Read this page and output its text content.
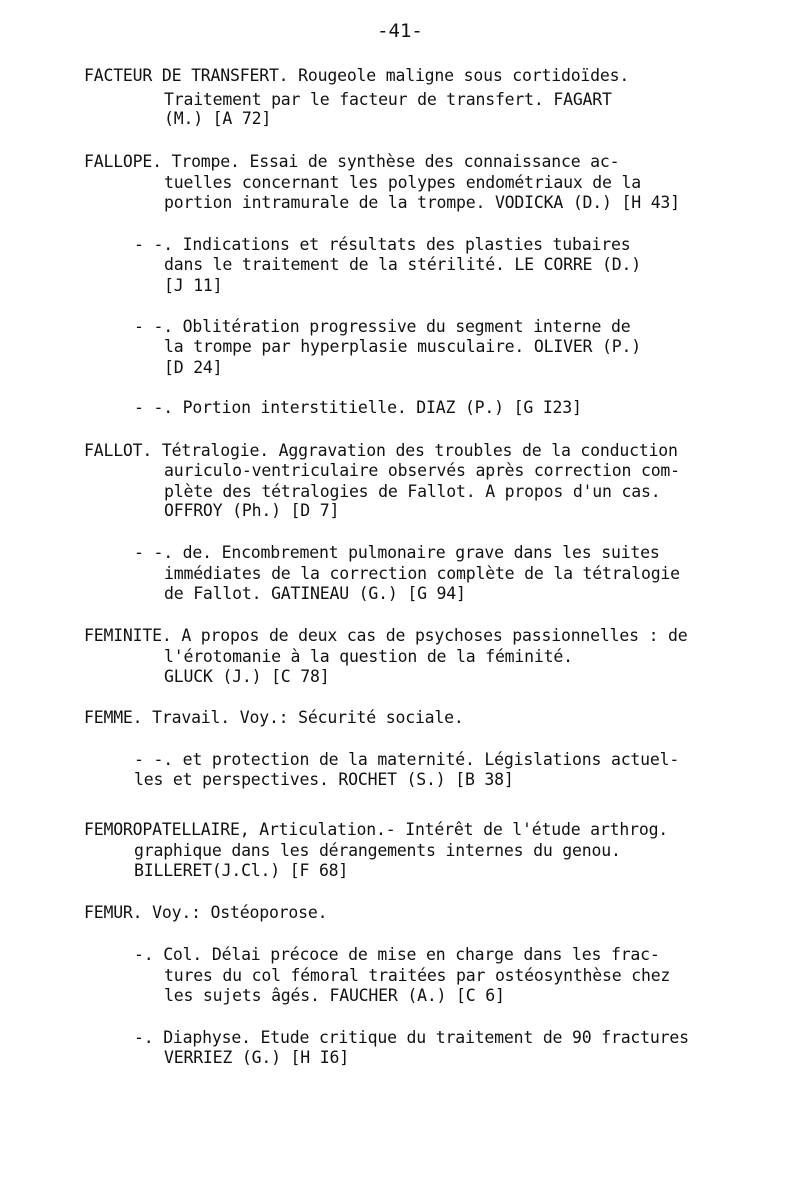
-41-
FACTEUR DE TRANSFERT. Rougeole maligne sous cortidoïdes.
Traitement par le facteur de transfert. FAGART
(M.) [A 72]
FALLOPE. Trompe. Essai de synthèse des connaissance ac-
tuelles concernant les polypes endométriaux de la
portion intramurale de la trompe. VODICKA (D.) [H 43]
- -. Indications et résultats des plasties tubaires
dans le traitement de la stérilité. LE CORRE (D.)
[J 11]
- -. Oblitération progressive du segment interne de
la trompe par hyperplasie musculaire. OLIVER (P.)
[D 24]
- -. Portion interstitielle. DIAZ (P.) [G I23]
FALLOT. Tétralogie. Aggravation des troubles de la conduction
auriculo-ventriculaire observés après correction com-
plète des tétralogies de Fallot. A propos d'un cas.
OFFROY (Ph.) [D 7]
- -. de. Encombrement pulmonaire grave dans les suites
immédiates de la correction complète de la tétralogie
de Fallot. GATINEAU (G.) [G 94]
FEMINITE. A propos de deux cas de psychoses passionnelles : de
l'érotomanie à la question de la féminité.
GLUCK (J.) [C 78]
FEMME. Travail. Voy.: Sécurité sociale.
- -. et protection de la maternité. Législations actuel-
les et perspectives. ROCHET (S.) [B 38]
FEMOROPATELLAIRE, Articulation.- Intérêt de l'étude arthrog.
graphique dans les dérangements internes du genou.
BILLERET(J.Cl.) [F 68]
FEMUR. Voy.: Ostéoporose.
-. Col. Délai précoce de mise en charge dans les frac-
tures du col fémoral traitées par ostéosynthèse chez
les sujets âgés. FAUCHER (A.) [C 6]
-. Diaphyse. Etude critique du traitement de 90 fractures
VERRIEZ (G.) [H I6]
